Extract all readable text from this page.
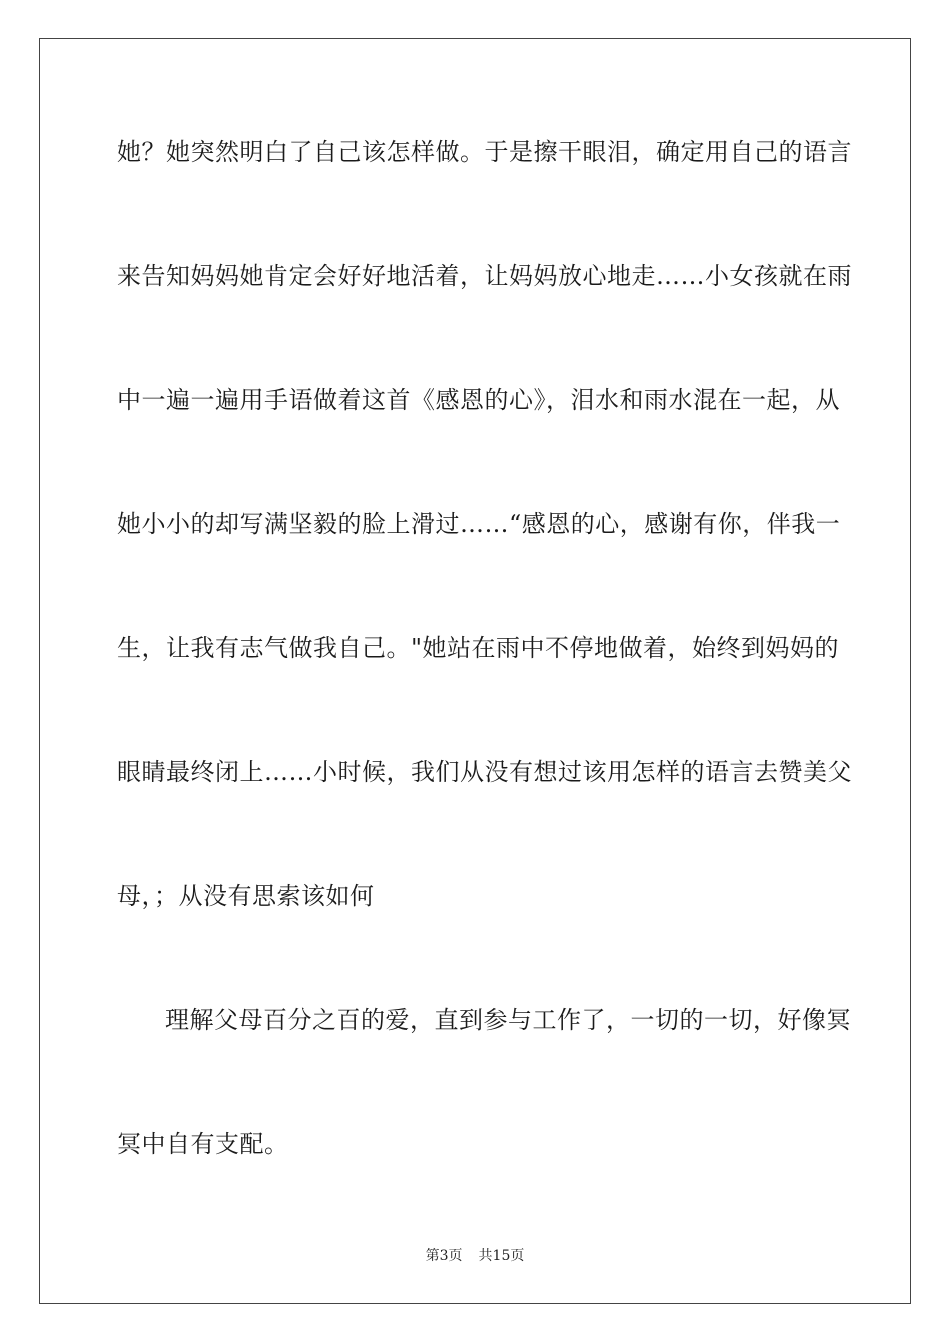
她？她突然明白了自己该怎样做。于是擦干眼泪，确定用自己的语言
来告知妈妈她肯定会好好地活着，让妈妈放心地走……小女孩就在雨
中一遍一遍用手语做着这首《感恩的心》，泪水和雨水混在一起，从
她小小的却写满坚毅的脸上滑过……“感恩的心，感谢有你，伴我一
生，让我有志气做我自己。"她站在雨中不停地做着，始终到妈妈的
眼睛最终闭上……小时候，我们从没有想过该用怎样的语言去赞美父
母，；从没有思索该如何
理解父母百分之百的爱，直到参与工作了，一切的一切，好像冥
冥中自有支配。
第3页 共15页
